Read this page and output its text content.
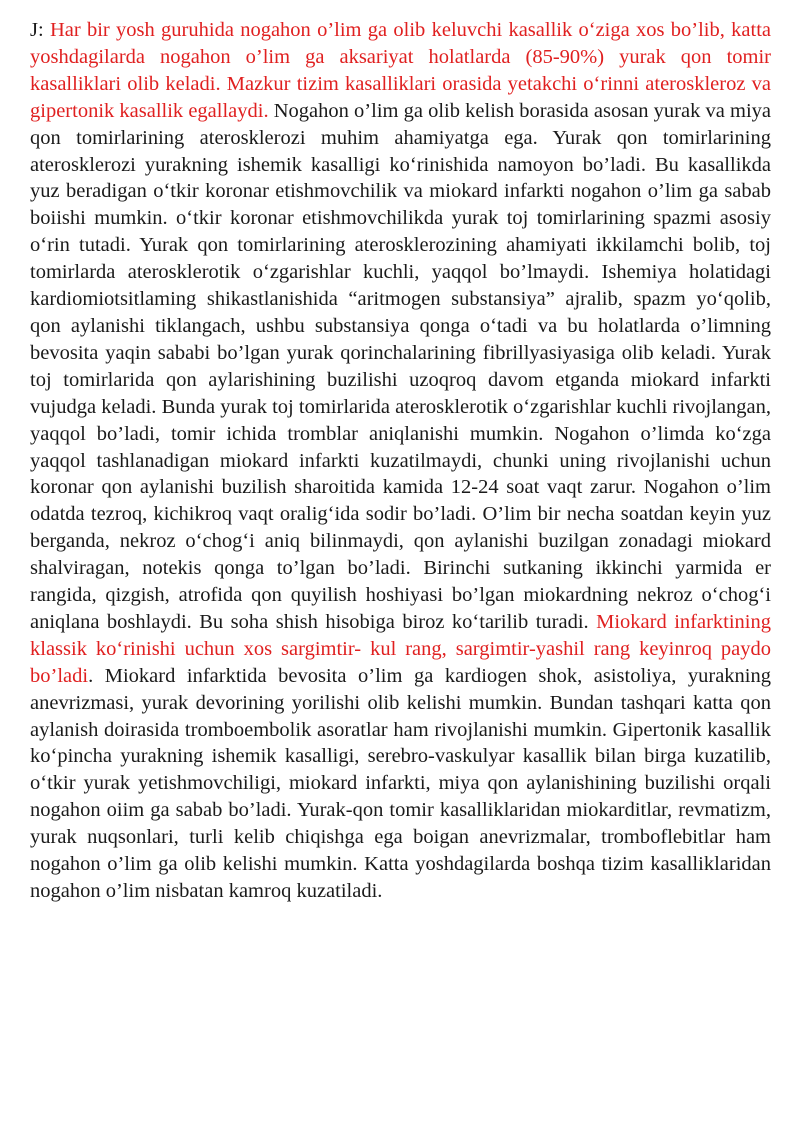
J: Har bir yosh guruhida nogahon o’lim ga olib keluvchi kasallik o‘ziga xos bo’lib, katta yoshdagilarda nogahon o’lim ga aksariyat holatlarda (85-90%) yurak qon tomir kasalliklari olib keladi. Mazkur tizim kasalliklari orasida yetakchi o‘rinni ateroskleroz va gipertonik kasallik egallaydi. Nogahon o’lim ga olib kelish borasida asosan yurak va miya qon tomirlarining aterosklerozi muhim ahamiyatga ega. Yurak qon tomirlarining aterosklerozi yurakning ishemik kasalligi ko‘rinishida namoyon bo’ladi. Bu kasallikda yuz beradigan o‘tkir koronar etishmovchilik va miokard infarkti nogahon o’lim ga sabab boiishi mumkin. o‘tkir koronar etishmovchilikda yurak toj tomirlarining spazmi asosiy o‘rin tutadi. Yurak qon tomirlarining aterosklerozining ahamiyati ikkilamchi bolib, toj tomirlarda aterosklerotik o‘zgarishlar kuchli, yaqqol bo’lmaydi. Ishemiya holatidagi kardiomiotsitlaming shikastlanishida “aritmogen substansiya” ajralib, spazm yo‘qolib, qon aylanishi tiklangach, ushbu substansiya qonga o‘tadi va bu holatlarda o’limning bevosita yaqin sababi bo’lgan yurak qorinchalarining fibrillyasiyasiga olib keladi. Yurak toj tomirlarida qon aylarishining buzilishi uzoqroq davom etganda miokard infarkti vujudga keladi. Bunda yurak toj tomirlarida aterosklerotik o‘zgarishlar kuchli rivojlangan, yaqqol bo’ladi, tomir ichida tromblar aniqlanishi mumkin. Nogahon o’limda ko‘zga yaqqol tashlanadigan miokard infarkti kuzatilmaydi, chunki uning rivojlanishi uchun koronar qon aylanishi buzilish sharoitida kamida 12-24 soat vaqt zarur. Nogahon o’lim odatda tezroq, kichikroq vaqt oralig‘ida sodir bo’ladi. O’lim bir necha soatdan keyin yuz berganda, nekroz o‘chog‘i aniq bilinmaydi, qon aylanishi buzilgan zonadagi miokard shalviragan, notekis qonga to’lgan bo’ladi. Birinchi sutkaning ikkinchi yarmida er rangida, qizgish, atrofida qon quyilish hoshiyasi bo’lgan miokardning nekroz o‘chog‘i aniqlana boshlaydi. Bu soha shish hisobiga biroz ko‘tarilib turadi. Miokard infarktining klassik ko‘rinishi uchun xos sargimtir- kul rang, sargimtir-yashil rang keyinroq paydo bo’ladi. Miokard infarktida bevosita o’lim ga kardiogen shok, asistoliya, yurakning anevrizmasi, yurak devorining yorilishi olib kelishi mumkin. Bundan tashqari katta qon aylanish doirasida tromboembolik asoratlar ham rivojlanishi mumkin. Gipertonik kasallik ko‘pincha yurakning ishemik kasalligi, serebro-vaskulyar kasallik bilan birga kuzatilib, o‘tkir yurak yetishmovchiligi, miokard infarkti, miya qon aylanishining buzilishi orqali nogahon oiim ga sabab bo’ladi. Yurak-qon tomir kasalliklaridan miokarditlar, revmatizm, yurak nuqsonlari, turli kelib chiqishga ega boigan anevrizmalar, tromboflebitlar ham nogahon o’lim ga olib kelishi mumkin. Katta yoshdagilarda boshqa tizim kasalliklaridan nogahon o’lim nisbatan kamroq kuzatiladi.
